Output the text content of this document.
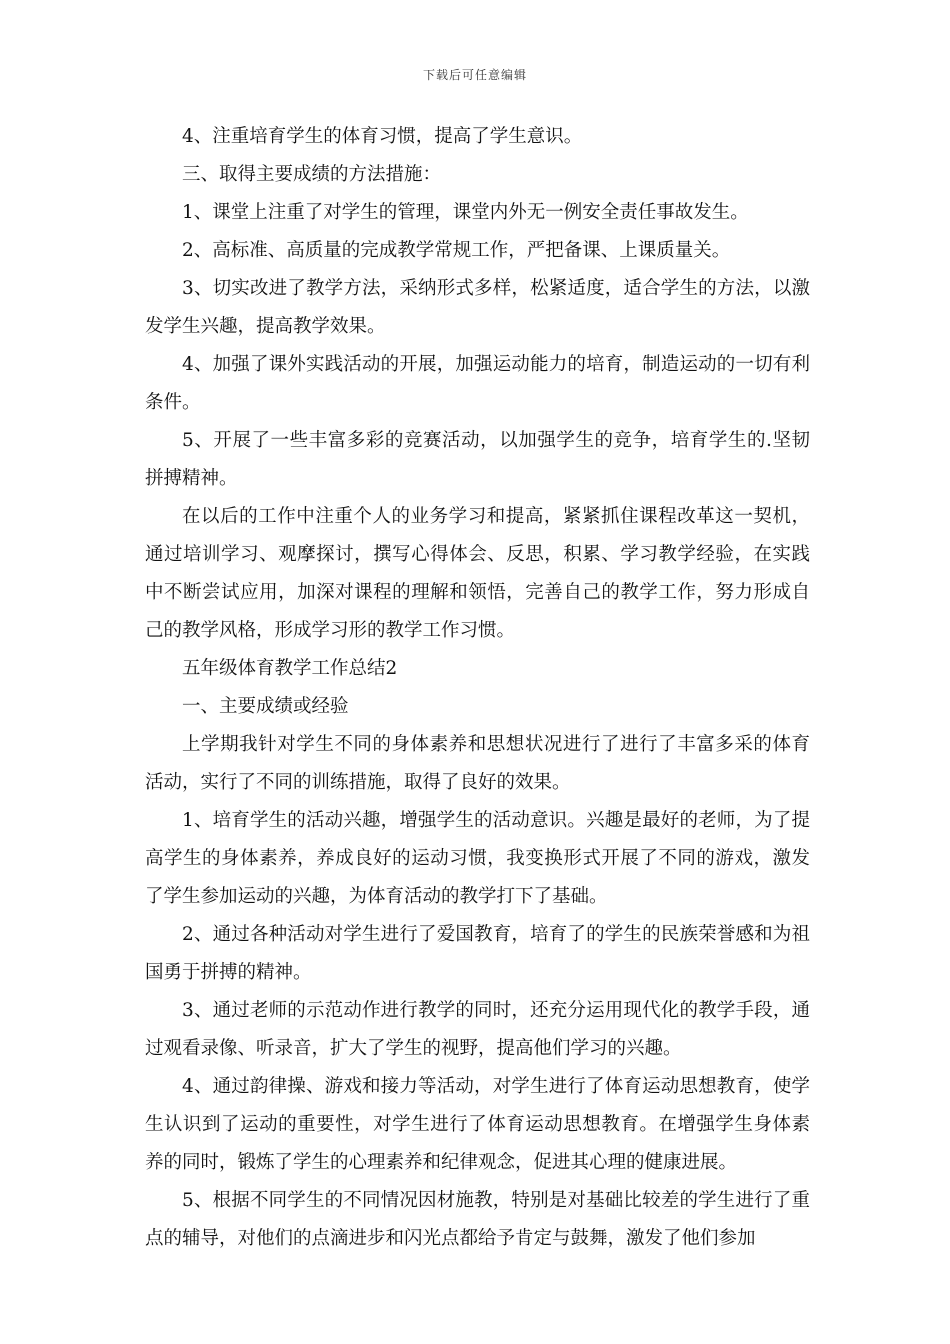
下载后可任意编辑

4、注重培育学生的体育习惯，提高了学生意识。

三、取得主要成绩的方法措施：

1、课堂上注重了对学生的管理，课堂内外无一例安全责任事故发生。

2、高标准、高质量的完成教学常规工作，严把备课、上课质量关。

3、切实改进了教学方法，采纳形式多样，松紧适度，适合学生的方法，以激发学生兴趣，提高教学效果。

4、加强了课外实践活动的开展，加强运动能力的培育，制造运动的一切有利条件。

5、开展了一些丰富多彩的竞赛活动，以加强学生的竞争，培育学生的.坚韧拼搏精神。

在以后的工作中注重个人的业务学习和提高，紧紧抓住课程改革这一契机，通过培训学习、观摩探讨，撰写心得体会、反思，积累、学习教学经验，在实践中不断尝试应用，加深对课程的理解和领悟，完善自己的教学工作，努力形成自己的教学风格，形成学习形的教学工作习惯。

五年级体育教学工作总结2

一、主要成绩或经验

上学期我针对学生不同的身体素养和思想状况进行了进行了丰富多采的体育活动，实行了不同的训练措施，取得了良好的效果。

1、培育学生的活动兴趣，增强学生的活动意识。兴趣是最好的老师，为了提高学生的身体素养，养成良好的运动习惯，我变换形式开展了不同的游戏，激发了学生参加运动的兴趣，为体育活动的教学打下了基础。

2、通过各种活动对学生进行了爱国教育，培育了的学生的民族荣誉感和为祖国勇于拼搏的精神。

3、通过老师的示范动作进行教学的同时，还充分运用现代化的教学手段，通过观看录像、听录音，扩大了学生的视野，提高他们学习的兴趣。

4、通过韵律操、游戏和接力等活动，对学生进行了体育运动思想教育，使学生认识到了运动的重要性，对学生进行了体育运动思想教育。在增强学生身体素养的同时，锻炼了学生的心理素养和纪律观念，促进其心理的健康进展。

5、根据不同学生的不同情况因材施教，特别是对基础比较差的学生进行了重点的辅导，对他们的点滴进步和闪光点都给予肯定与鼓舞，激发了他们参加
